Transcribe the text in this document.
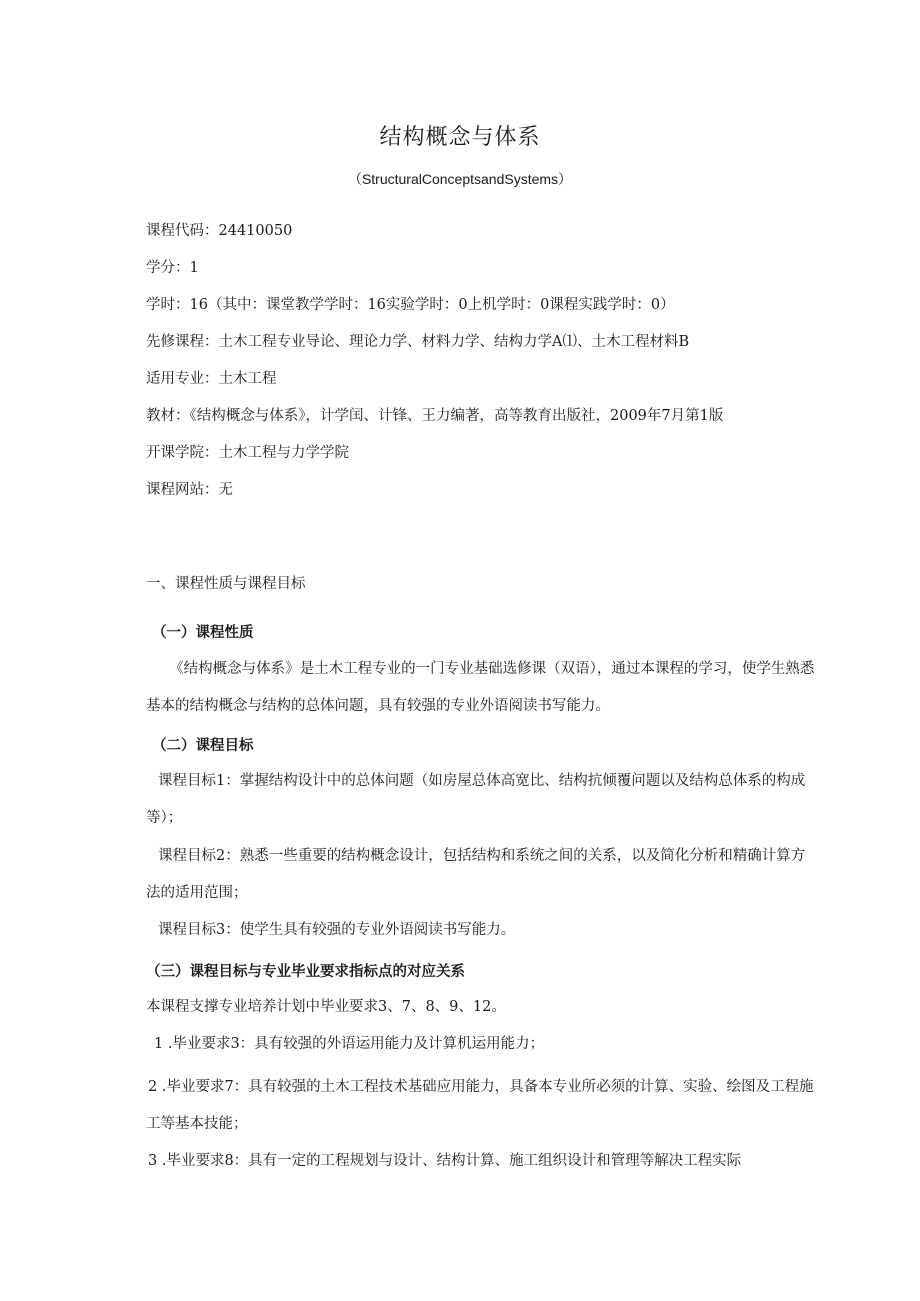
结构概念与体系
（StructuralConceptsandSystems）
课程代码：24410050
学分：1
学时：16（其中：课堂教学学时：16实验学时：0上机学时：0课程实践学时：0）
先修课程：土木工程专业导论、理论力学、材料力学、结构力学A⑴、土木工程材料B
适用专业：土木工程
教材：《结构概念与体系》，计学闰、计锋、王力编著，高等教育出版社，2009年7月第1版
开课学院：土木工程与力学学院
课程网站：无
一、课程性质与课程目标
（一）课程性质
《结构概念与体系》是土木工程专业的一门专业基础选修课（双语），通过本课程的学习，使学生熟悉基本的结构概念与结构的总体问题，具有较强的专业外语阅读书写能力。
（二）课程目标
课程目标1：掌握结构设计中的总体问题（如房屋总体高宽比、结构抗倾覆问题以及结构总体系的构成等）；
课程目标2：熟悉一些重要的结构概念设计，包括结构和系统之间的关系，以及简化分析和精确计算方法的适用范围；
课程目标3：使学生具有较强的专业外语阅读书写能力。
（三）课程目标与专业毕业要求指标点的对应关系
本课程支撑专业培养计划中毕业要求3、7、8、9、12。
1 .毕业要求3：具有较强的外语运用能力及计算机运用能力；
2 .毕业要求7：具有较强的土木工程技术基础应用能力，具备本专业所必须的计算、实验、绘图及工程施工等基本技能；
3 .毕业要求8：具有一定的工程规划与设计、结构计算、施工组织设计和管理等解决工程实际
